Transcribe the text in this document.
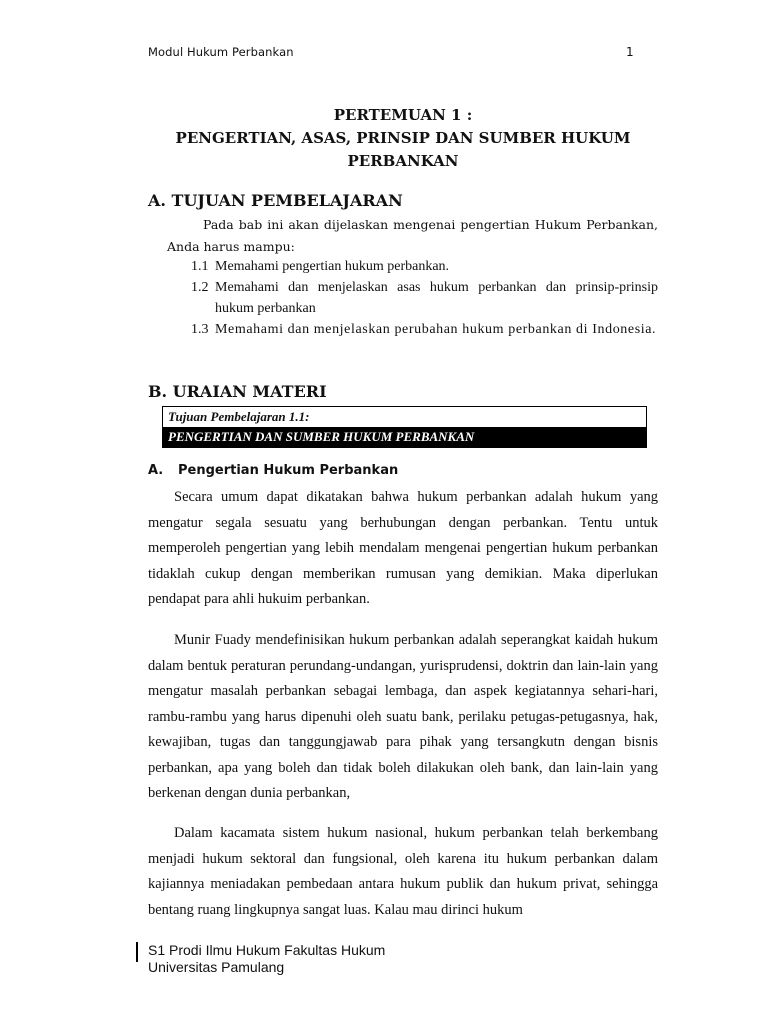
Modul Hukum Perbankan	1
PERTEMUAN 1 :
PENGERTIAN, ASAS, PRINSIP DAN SUMBER HUKUM
PERBANKAN
A. TUJUAN PEMBELAJARAN
Pada bab ini akan dijelaskan mengenai pengertian Hukum Perbankan, Anda harus mampu:
1.1 Memahami pengertian hukum perbankan.
1.2 Memahami dan menjelaskan asas hukum perbankan dan prinsip-prinsip hukum perbankan
1.3 Memahami dan menjelaskan perubahan hukum perbankan di Indonesia.
B. URAIAN MATERI
Tujuan Pembelajaran 1.1:
PENGERTIAN DAN SUMBER HUKUM PERBANKAN
A. Pengertian Hukum Perbankan
Secara umum dapat dikatakan bahwa hukum perbankan adalah hukum yang mengatur segala sesuatu yang berhubungan dengan perbankan. Tentu untuk memperoleh pengertian yang lebih mendalam mengenai pengertian hukum perbankan tidaklah cukup dengan memberikan rumusan yang demikian. Maka diperlukan pendapat para ahli hukuim perbankan.
Munir Fuady mendefinisikan hukum perbankan adalah seperangkat kaidah hukum dalam bentuk peraturan perundang-undangan, yurisprudensi, doktrin dan lain-lain yang mengatur masalah perbankan sebagai lembaga, dan aspek kegiatannya sehari-hari, rambu-rambu yang harus dipenuhi oleh suatu bank, perilaku petugas-petugasnya, hak, kewajiban, tugas dan tanggungjawab para pihak yang tersangkutn dengan bisnis perbankan, apa yang boleh dan tidak boleh dilakukan oleh bank, dan lain-lain yang berkenan dengan dunia perbankan,
Dalam kacamata sistem hukum nasional, hukum perbankan telah berkembang menjadi hukum sektoral dan fungsional, oleh karena itu hukum perbankan dalam kajiannya meniadakan pembedaan antara hukum publik dan hukum privat, sehingga bentang ruang lingkupnya sangat luas. Kalau mau dirinci hukum
S1 Prodi Ilmu Hukum Fakultas Hukum
Universitas Pamulang
